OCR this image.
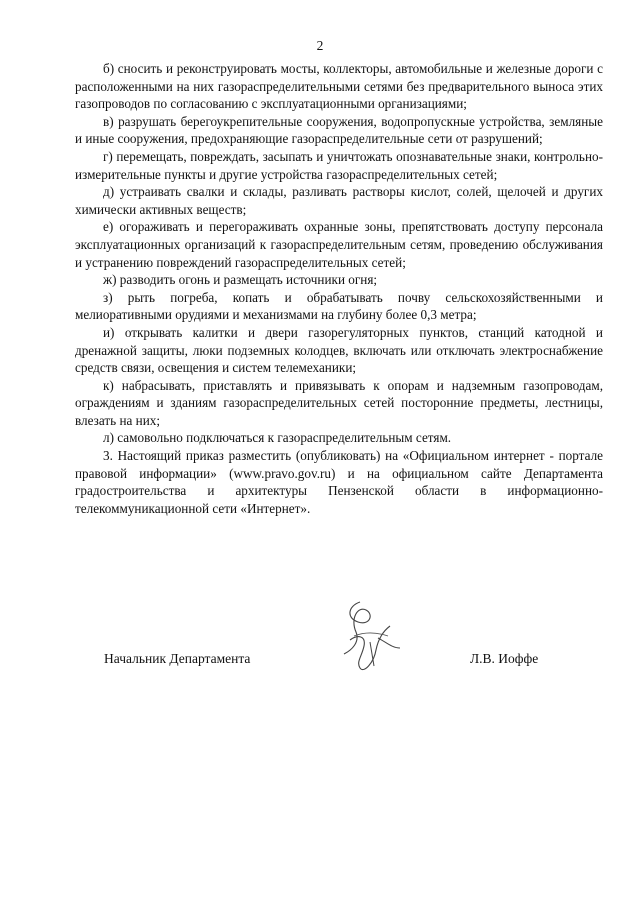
2

б) сносить и реконструировать мосты, коллекторы, автомобильные и железные дороги с расположенными на них газораспределительными сетями без предварительного выноса этих газопроводов по согласованию с эксплуатационными организациями;

в) разрушать берегоукрепительные сооружения, водопропускные устройства, земляные и иные сооружения, предохраняющие газораспределительные сети от разрушений;

г) перемещать, повреждать, засыпать и уничтожать опознавательные знаки, контрольно-измерительные пункты и другие устройства газораспределительных сетей;

д) устраивать свалки и склады, разливать растворы кислот, солей, щелочей и других химически активных веществ;

е) огораживать и перегораживать охранные зоны, препятствовать доступу персонала эксплуатационных организаций к газораспределительным сетям, проведению обслуживания и устранению повреждений газораспределительных сетей;

ж) разводить огонь и размещать источники огня;

з) рыть погреба, копать и обрабатывать почву сельскохозяйственными и мелиоративными орудиями и механизмами на глубину более 0,3 метра;

и) открывать калитки и двери газорегуляторных пунктов, станций катодной и дренажной защиты, люки подземных колодцев, включать или отключать электроснабжение средств связи, освещения и систем телемеханики;

к) набрасывать, приставлять и привязывать к опорам и надземным газопроводам, ограждениям и зданиям газораспределительных сетей посторонние предметы, лестницы, влезать на них;

л) самовольно подключаться к газораспределительным сетям.

3. Настоящий приказ разместить (опубликовать) на «Официальном интернет - портале правовой информации» (www.pravo.gov.ru) и на официальном сайте Департамента градостроительства и архитектуры Пензенской области в информационно-телекоммуникационной сети «Интернет».

Начальник Департамента	Л.В. Иоффе
